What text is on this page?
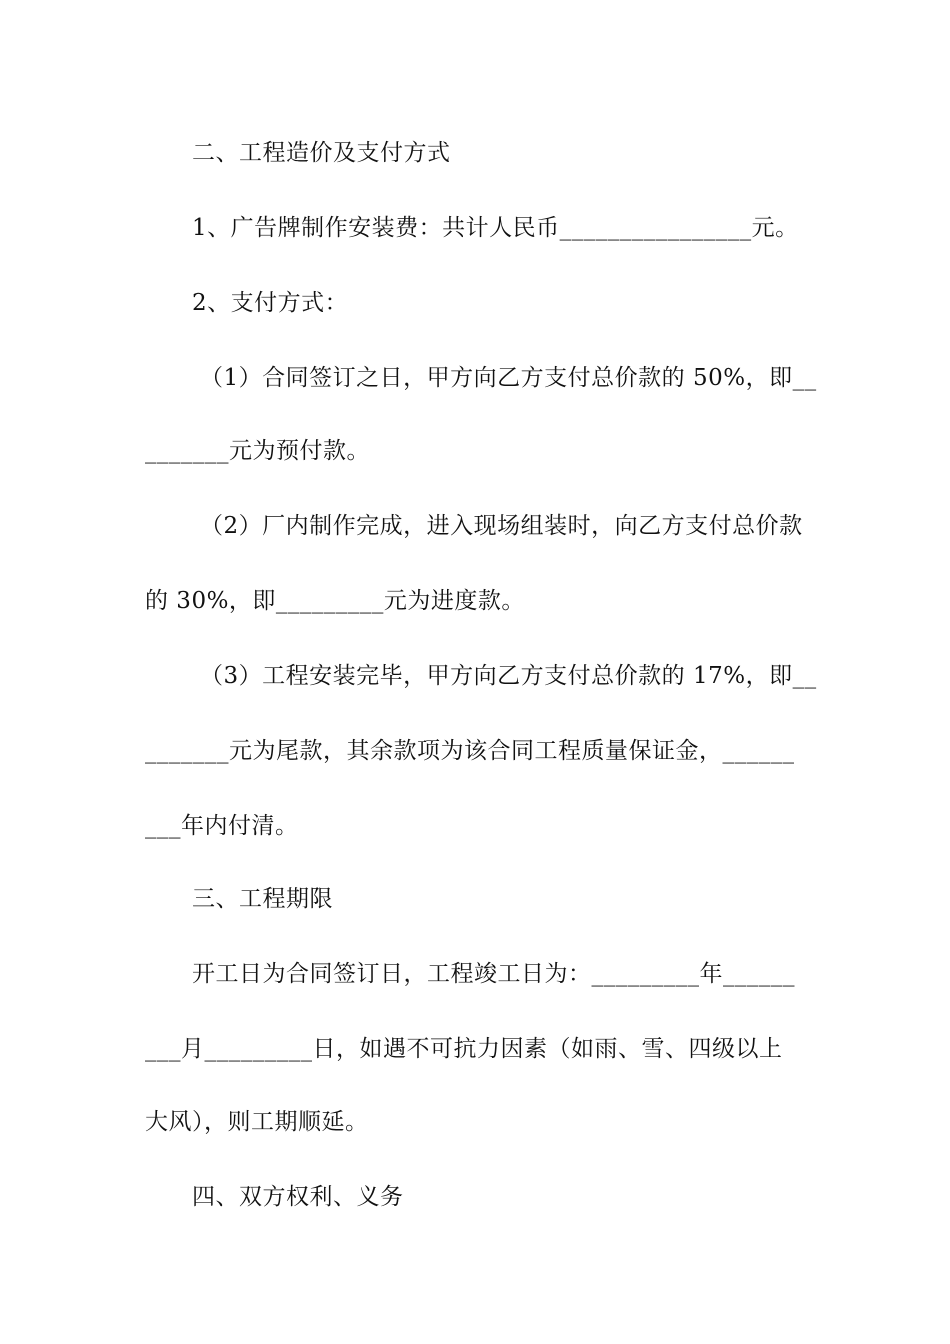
二、工程造价及支付方式
1、广告牌制作安装费：共计人民币________________元。
2、支付方式：
（1）合同签订之日，甲方向乙方支付总价款的 50%，即__
_______元为预付款。
（2）厂内制作完成，进入现场组装时，向乙方支付总价款
的 30%，即_________元为进度款。
（3）工程安装完毕，甲方向乙方支付总价款的 17%，即__
_______元为尾款，其余款项为该合同工程质量保证金，______
___年内付清。
三、工程期限
开工日为合同签订日，工程竣工日为：_________年______
___月_________日，如遇不可抗力因素（如雨、雪、四级以上
大风），则工期顺延。
四、双方权利、义务
